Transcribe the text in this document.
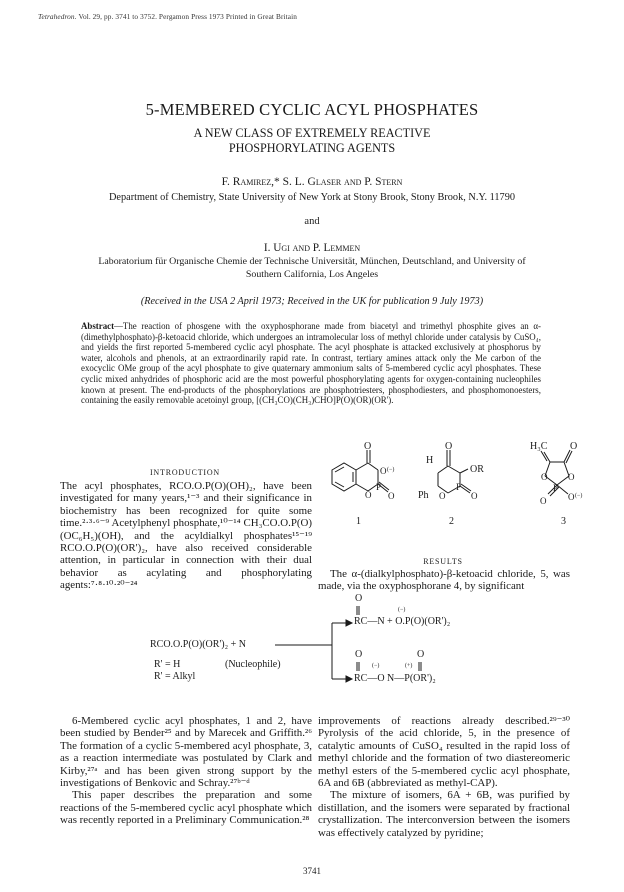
Tetrahedron. Vol. 29, pp. 3741 to 3752. Pergamon Press 1973 Printed in Great Britain
5-MEMBERED CYCLIC ACYL PHOSPHATES
A NEW CLASS OF EXTREMELY REACTIVE
PHOSPHORYLATING AGENTS
F. Ramirez,* S. L. Glaser and P. Stern
Department of Chemistry, State University of New York at Stony Brook, Stony Brook, N.Y. 11790
and
I. Ugi and P. Lemmen
Laboratorium für Organische Chemie der Technische Universität, München, Deutschland, and University of Southern California, Los Angeles
(Received in the USA 2 April 1973; Received in the UK for publication 9 July 1973)
Abstract—The reaction of phosgene with the oxyphosphorane made from biacetyl and trimethyl phosphite gives an α-(dimethylphosphato)-β-ketoacid chloride, which undergoes an intramolecular loss of methyl chloride under catalysis by CuSO₄, and yields the first reported 5-membered cyclic acyl phosphate. The acyl phosphate is attacked exclusively at phosphorus by water, alcohols and phenols, at an extraordinarily rapid rate. In contrast, tertiary amines attack only the Me carbon of the exocyclic OMe group of the acyl phosphate to give quaternary ammonium salts of 5-membered cyclic acyl phosphates. These cyclic mixed anhydrides of phosphoric acid are the most powerful phosphorylating agents for oxygen-containing nucleophiles known at present. The end-products of the phosphorylations are phosphotriesters, phosphodiesters, and phosphomonoesters, containing the easily removable acetoinyl group, [(CH₃CO)(CH₃)CHO]P(O)(OR)(OR').
INTRODUCTION

The acyl phosphates, RCO.O.P(O)(OH)₂, have been investigated for many years,¹⁻³ and their significance in biochemistry has been recognized for quite some time.²·³·⁶⁻⁹ Acetylphenyl phosphate,¹⁰⁻¹⁴ CH₃CO.O.P(O)(OC₆H₅)(OH), and the acyldialkyl phosphates¹⁵⁻¹⁹ RCO.O.P(O)(OR')₂, have also received considerable attention, in particular in connection with their dual behavior as acylating and phosphorylating agents:⁷·⁸·¹⁰·²⁰⁻²⁴

O
O (−)
O
P
O
1
H
O
OR
Ph O
P
O
2
H₃C O
O O
P
O O (−)
3
RESULTS

The α-(dialkylphosphato)-β-ketoacid chloride, 5, was made, via the oxyphosphorane 4, by significant

O
(−)
RC—N + O.P(O)(OR')₂
RCO.O.P(O)(OR')₂ + N
O	O
R' = H	(Nucleophile)	(−)	(+)
RC—O N—P(OR')₂
R' = Alkyl

6-Membered cyclic acyl phosphates, 1 and 2, have been studied by Bender²⁵ and by Marecek and Griffith.²⁶ The formation of a cyclic 5-membered acyl phosphate, 3, as a reaction intermediate was postulated by Clark and Kirby,²⁷ᵃ and has been given strong support by the investigations of Benkovic and Schray.²⁷ᵇ⁻ᵈ

This paper describes the preparation and some reactions of the 5-membered cyclic acyl phosphate which was recently reported in a Preliminary Communication.²⁸

improvements of reactions already described.²⁹⁻³⁰ Pyrolysis of the acid chloride, 5, in the presence of catalytic amounts of CuSO₄ resulted in the rapid loss of methyl chloride and the formation of two diastereomeric methyl esters of the 5-membered cyclic acyl phosphate, 6A and 6B (abbreviated as methyl-CAP).

The mixture of isomers, 6A + 6B, was purified by distillation, and the isomers were separated by fractional crystallization. The interconversion between the isomers was effectively catalyzed by pyridine;

3741
